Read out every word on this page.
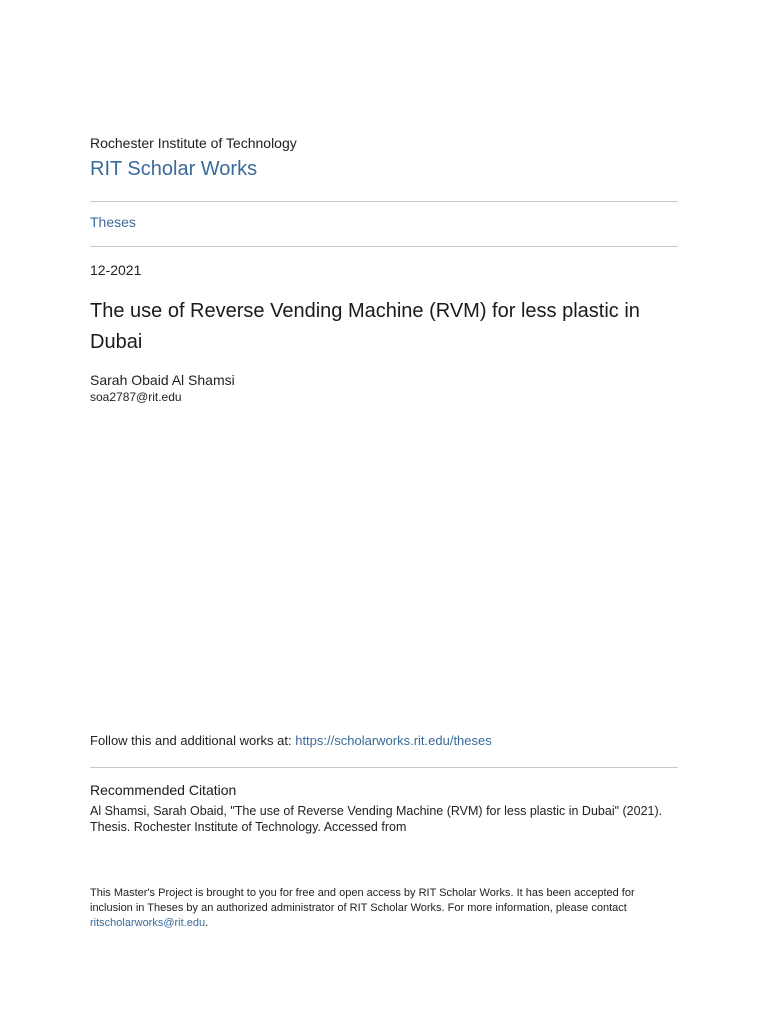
Rochester Institute of Technology
RIT Scholar Works
Theses
12-2021
The use of Reverse Vending Machine (RVM) for less plastic in Dubai
Sarah Obaid Al Shamsi
soa2787@rit.edu
Follow this and additional works at: https://scholarworks.rit.edu/theses
Recommended Citation
Al Shamsi, Sarah Obaid, "The use of Reverse Vending Machine (RVM) for less plastic in Dubai" (2021). Thesis. Rochester Institute of Technology. Accessed from
This Master's Project is brought to you for free and open access by RIT Scholar Works. It has been accepted for inclusion in Theses by an authorized administrator of RIT Scholar Works. For more information, please contact ritscholarworks@rit.edu.
